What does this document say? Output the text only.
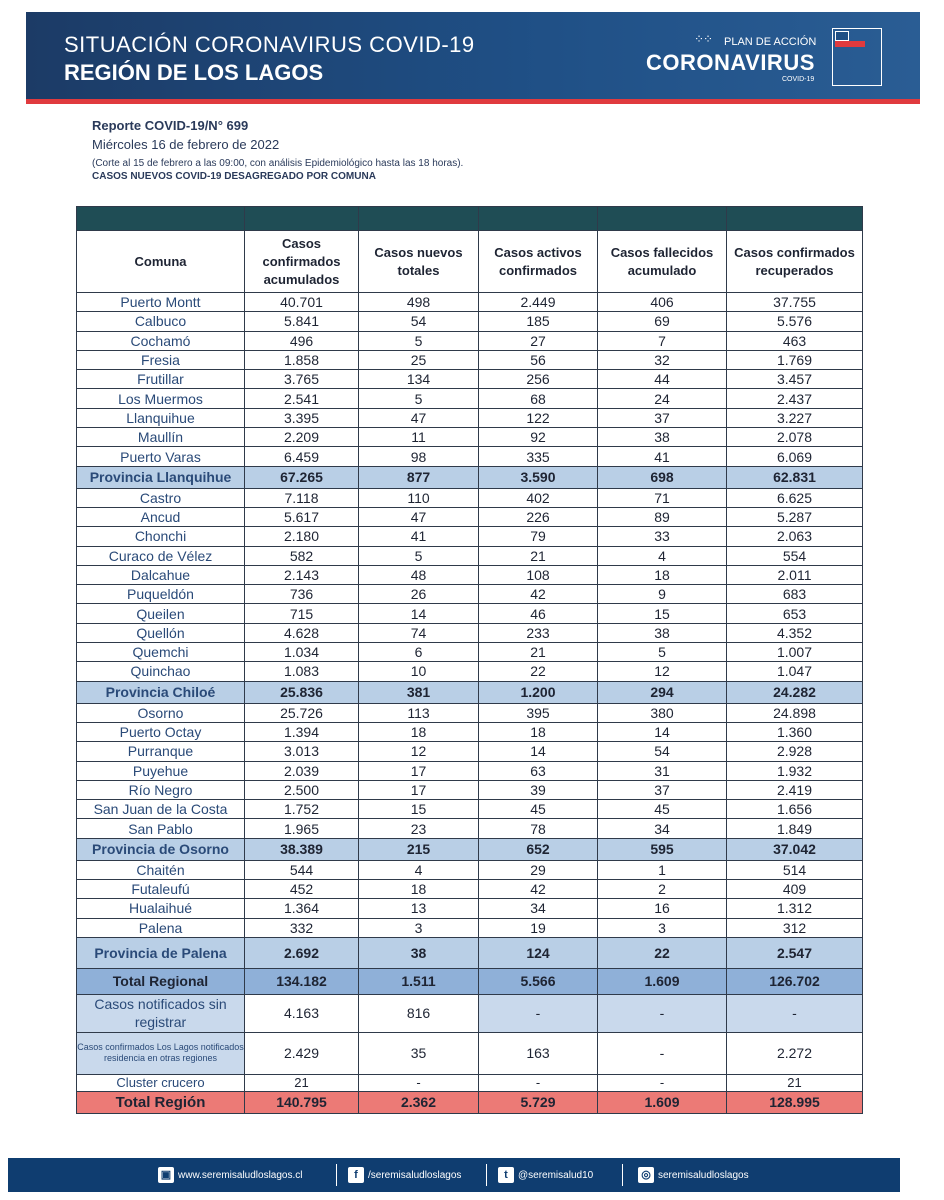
SITUACIÓN CORONAVIRUS COVID-19
REGIÓN DE LOS LAGOS
⁘⁘ PLAN DE ACCIÓN
CORONAVIRUS
COVID-19
Reporte COVID-19/N° 699
Miércoles 16 de febrero de 2022
(Corte al 15 de febrero a las 09:00, con análisis Epidemiológico hasta las 18 horas).
CASOS NUEVOS COVID-19 DESAGREGADO POR COMUNA

Comuna	Casos confirmados acumulados	Casos nuevos totales	Casos activos confirmados	Casos fallecidos acumulado	Casos confirmados recuperados
Puerto Montt	40.701	498	2.449	406	37.755
Calbuco	5.841	54	185	69	5.576
Cochamó	496	5	27	7	463
Fresia	1.858	25	56	32	1.769
Frutillar	3.765	134	256	44	3.457
Los Muermos	2.541	5	68	24	2.437
Llanquihue	3.395	47	122	37	3.227
Maullín	2.209	11	92	38	2.078
Puerto Varas	6.459	98	335	41	6.069
Provincia Llanquihue	67.265	877	3.590	698	62.831
Castro	7.118	110	402	71	6.625
Ancud	5.617	47	226	89	5.287
Chonchi	2.180	41	79	33	2.063
Curaco de Vélez	582	5	21	4	554
Dalcahue	2.143	48	108	18	2.011
Puqueldón	736	26	42	9	683
Queilen	715	14	46	15	653
Quellón	4.628	74	233	38	4.352
Quemchi	1.034	6	21	5	1.007
Quinchao	1.083	10	22	12	1.047
Provincia Chiloé	25.836	381	1.200	294	24.282
Osorno	25.726	113	395	380	24.898
Puerto Octay	1.394	18	18	14	1.360
Purranque	3.013	12	14	54	2.928
Puyehue	2.039	17	63	31	1.932
Río Negro	2.500	17	39	37	2.419
San Juan de la Costa	1.752	15	45	45	1.656
San Pablo	1.965	23	78	34	1.849
Provincia de Osorno	38.389	215	652	595	37.042
Chaitén	544	4	29	1	514
Futaleufú	452	18	42	2	409
Hualaihué	1.364	13	34	16	1.312
Palena	332	3	19	3	312
Provincia de Palena	2.692	38	124	22	2.547
Total Regional	134.182	1.511	5.566	1.609	126.702
Casos notificados sin registrar	4.163	816	-	-	-
Casos confirmados Los Lagos notificados residencia en otras regiones	2.429	35	163	-	2.272
Cluster crucero	21	-	-	-	21
Total Región	140.795	2.362	5.729	1.609	128.995
▣ www.seremisaludloslagos.cl	f	/seremisaludloslagos	t	@seremisalud10	◎ seremisaludloslagos
